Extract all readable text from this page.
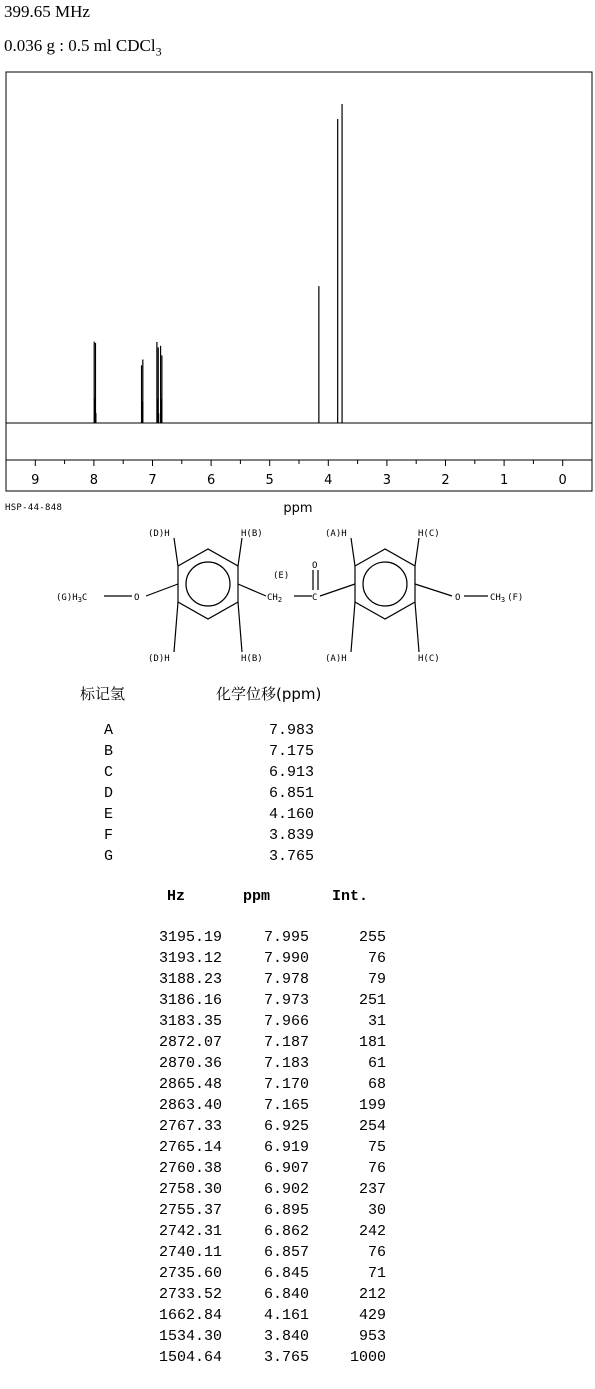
399.65 MHz
0.036 g : 0.5 ml CDCl$_3$
9	8	7	6	5	4	3	2	1	0
ppm
HSP-44-848
(D)H	H(B)	(A)H	H(C)
(D)H	H(B)	(A)H	H(C)
(E)
O
$(G)H_3C$	O	$CH_2$	C	O	$CH_3$ (F)
标记氢	化学位移(ppm)
A	7.983
B	7.175
C	6.913
D	6.851
E	4.160
F	3.839
G	3.765
Hz	ppm	Int.
3195.19	7.995	255
3193.12	7.990	76
3188.23	7.978	79
3186.16	7.973	251
3183.35	7.966	31
2872.07	7.187	181
2870.36	7.183	61
2865.48	7.170	68
2863.40	7.165	199
2767.33	6.925	254
2765.14	6.919	75
2760.38	6.907	76
2758.30	6.902	237
2755.37	6.895	30
2742.31	6.862	242
2740.11	6.857	76
2735.60	6.845	71
2733.52	6.840	212
1662.84	4.161	429
1534.30	3.840	953
1504.64	3.765	1000
